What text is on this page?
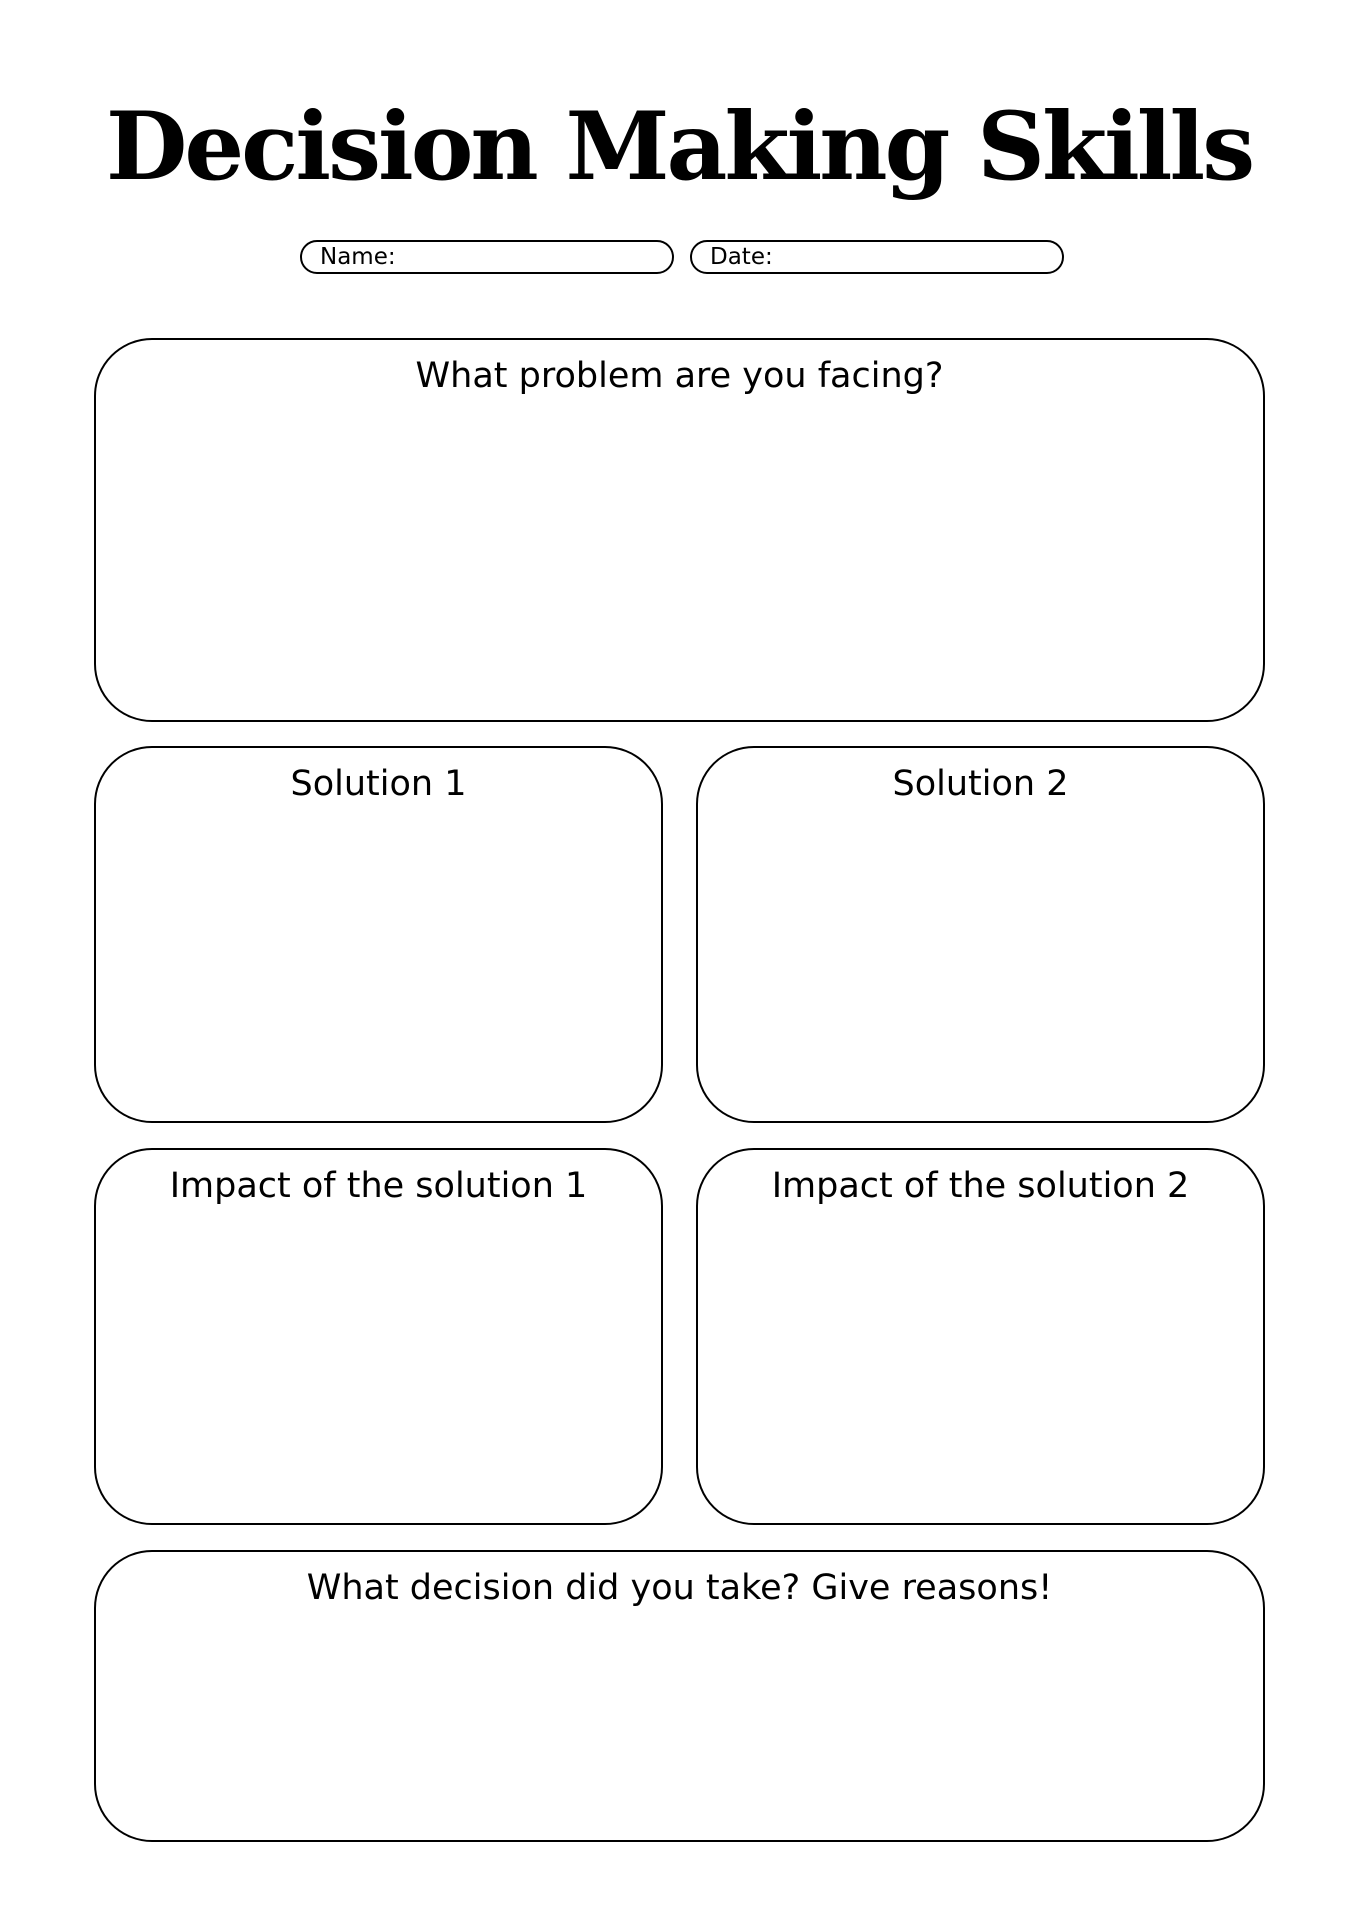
Decision Making Skills
Name:	Date:
What problem are you facing?
Solution 1	Solution 2
Impact of the solution 1	Impact of the solution 2
What decision did you take? Give reasons!
